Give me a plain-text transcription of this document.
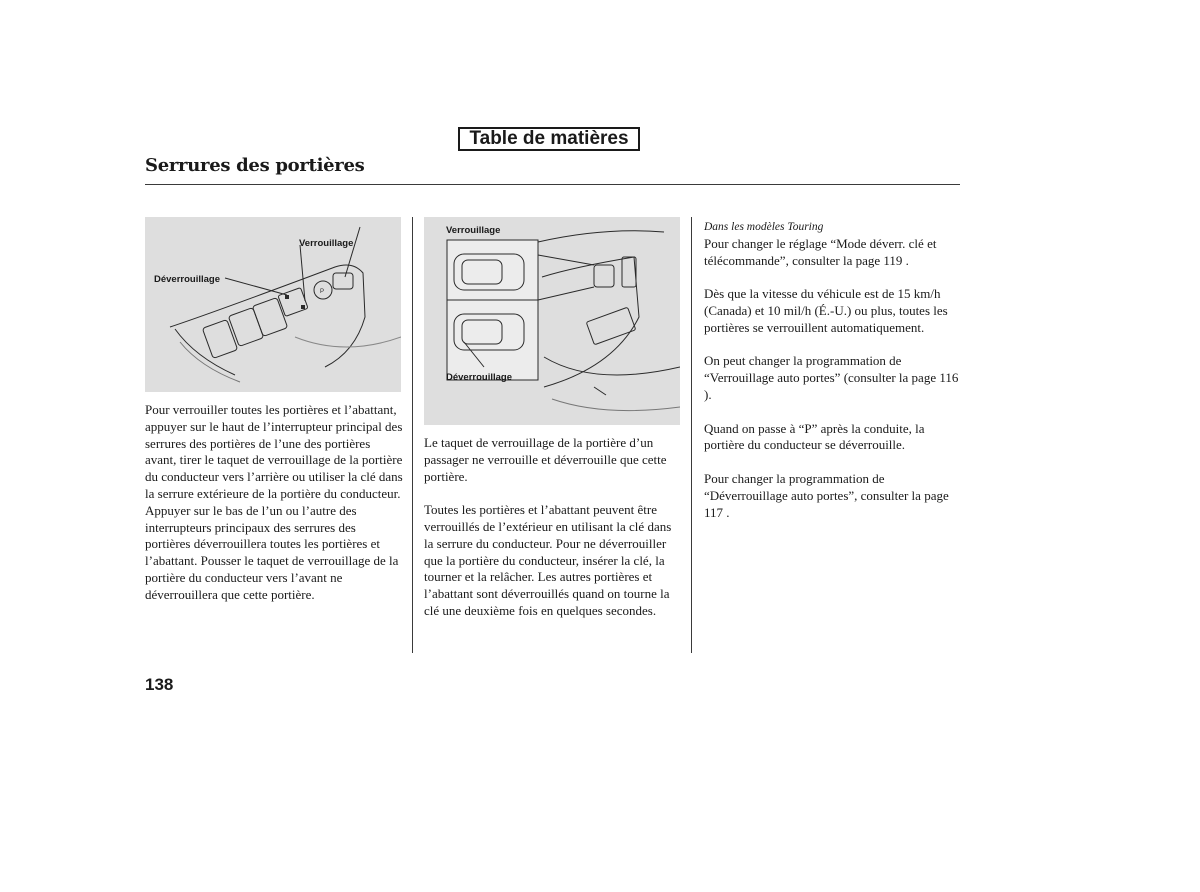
Table de matières
Serrures des portières
P
Verrouillage
Déverrouillage
Verrouillage
Déverrouillage

Pour verrouiller toutes les portières et l’abattant, appuyer sur le haut de l’interrupteur principal des serrures des portières de l’une des portières avant, tirer le taquet de verrouillage de la portière du conducteur vers l’arrière ou utiliser la clé dans la serrure extérieure de la portière du conducteur.

Appuyer sur le bas de l’un ou l’autre des interrupteurs principaux des serrures des portières déverrouillera toutes les portières et l’abattant. Pousser le taquet de verrouillage de la portière du conducteur vers l’avant ne déverrouillera que cette portière.

Le taquet de verrouillage de la portière d’un passager ne verrouille et déverrouille que cette portière.

Toutes les portières et l’abattant peuvent être verrouillés de l’extérieur en utilisant la clé dans la serrure du conducteur. Pour ne déverrouiller que la portière du conducteur, insérer la clé, la tourner et la relâcher. Les autres portières et l’abattant sont déverrouillés quand on tourne la clé une deuxième fois en quelques secondes.

Dans les modèles Touring

Pour changer le réglage “Mode déverr. clé et télécommande”, consulter la page 119 .

Dès que la vitesse du véhicule est de 15 km/h (Canada) et 10 mil/h (É.-U.) ou plus, toutes les portières se verrouillent automatiquement.

On peut changer la programmation de “Verrouillage auto portes” (consulter la page 116 ).

Quand on passe à “P” après la conduite, la portière du conducteur se déverrouille.

Pour changer la programmation de “Déverrouillage auto portes”, consulter la page 117 .

138
